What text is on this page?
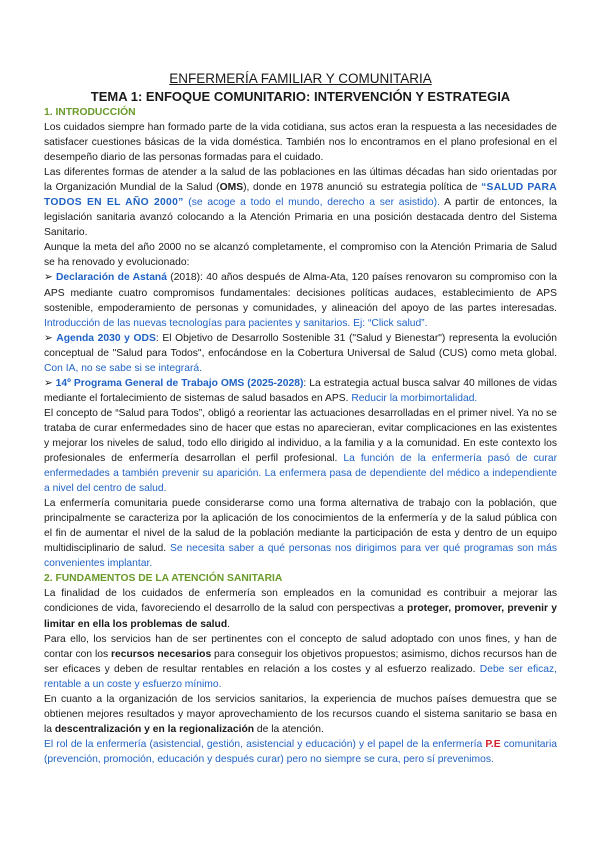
ENFERMERÍA FAMILIAR Y COMUNITARIA
TEMA 1: ENFOQUE COMUNITARIO: INTERVENCIÓN Y ESTRATEGIA
1. INTRODUCCIÓN

Los cuidados siempre han formado parte de la vida cotidiana, sus actos eran la respuesta a las necesidades de satisfacer cuestiones básicas de la vida doméstica. También nos lo encontramos en el plano profesional en el desempeño diario de las personas formadas para el cuidado.

Las diferentes formas de atender a la salud de las poblaciones en las últimas décadas han sido orientadas por la Organización Mundial de la Salud (OMS), donde en 1978 anunció su estrategia política de “SALUD PARA TODOS EN EL AÑO 2000” (se acoge a todo el mundo, derecho a ser asistido). A partir de entonces, la legislación sanitaria avanzó colocando a la Atención Primaria en una posición destacada dentro del Sistema Sanitario.

Aunque la meta del año 2000 no se alcanzó completamente, el compromiso con la Atención Primaria de Salud se ha renovado y evolucionado:

➢ Declaración de Astaná (2018): 40 años después de Alma-Ata, 120 países renovaron su compromiso con la APS mediante cuatro compromisos fundamentales: decisiones políticas audaces, establecimiento de APS sostenible, empoderamiento de personas y comunidades, y alineación del apoyo de las partes interesadas. Introducción de las nuevas tecnologías para pacientes y sanitarios. Ej: “Click salud”.

➢ Agenda 2030 y ODS: El Objetivo de Desarrollo Sostenible 31 ("Salud y Bienestar") representa la evolución conceptual de "Salud para Todos", enfocándose en la Cobertura Universal de Salud (CUS) como meta global. Con IA, no se sabe si se integrará.

➢ 14º Programa General de Trabajo OMS (2025-2028): La estrategia actual busca salvar 40 millones de vidas mediante el fortalecimiento de sistemas de salud basados en APS. Reducir la morbimortalidad.

El concepto de “Salud para Todos”, obligó a reorientar las actuaciones desarrolladas en el primer nivel. Ya no se trataba de curar enfermedades sino de hacer que estas no aparecieran, evitar complicaciones en las existentes y mejorar los niveles de salud, todo ello dirigido al individuo, a la familia y a la comunidad. En este contexto los profesionales de enfermería desarrollan el perfil profesional. La función de la enfermería pasó de curar enfermedades a también prevenir su aparición. La enfermera pasa de dependiente del médico a independiente a nivel del centro de salud.

La enfermería comunitaria puede considerarse como una forma alternativa de trabajo con la población, que principalmente se caracteriza por la aplicación de los conocimientos de la enfermería y de la salud pública con el fin de aumentar el nivel de la salud de la población mediante la participación de esta y dentro de un equipo multidisciplinario de salud. Se necesita saber a qué personas nos dirigimos para ver qué programas son más convenientes implantar.

2. FUNDAMENTOS DE LA ATENCIÓN SANITARIA

La finalidad de los cuidados de enfermería son empleados en la comunidad es contribuir a mejorar las condiciones de vida, favoreciendo el desarrollo de la salud con perspectivas a proteger, promover, prevenir y limitar en ella los problemas de salud.

Para ello, los servicios han de ser pertinentes con el concepto de salud adoptado con unos fines, y han de contar con los recursos necesarios para conseguir los objetivos propuestos; asimismo, dichos recursos han de ser eficaces y deben de resultar rentables en relación a los costes y al esfuerzo realizado. Debe ser eficaz, rentable a un coste y esfuerzo mínimo.

En cuanto a la organización de los servicios sanitarios, la experiencia de muchos países demuestra que se obtienen mejores resultados y mayor aprovechamiento de los recursos cuando el sistema sanitario se basa en la descentralización y en la regionalización de la atención.

El rol de la enfermería (asistencial, gestión, asistencial y educación) y el papel de la enfermería P.E comunitaria (prevención, promoción, educación y después curar) pero no siempre se cura, pero sí prevenimos.
